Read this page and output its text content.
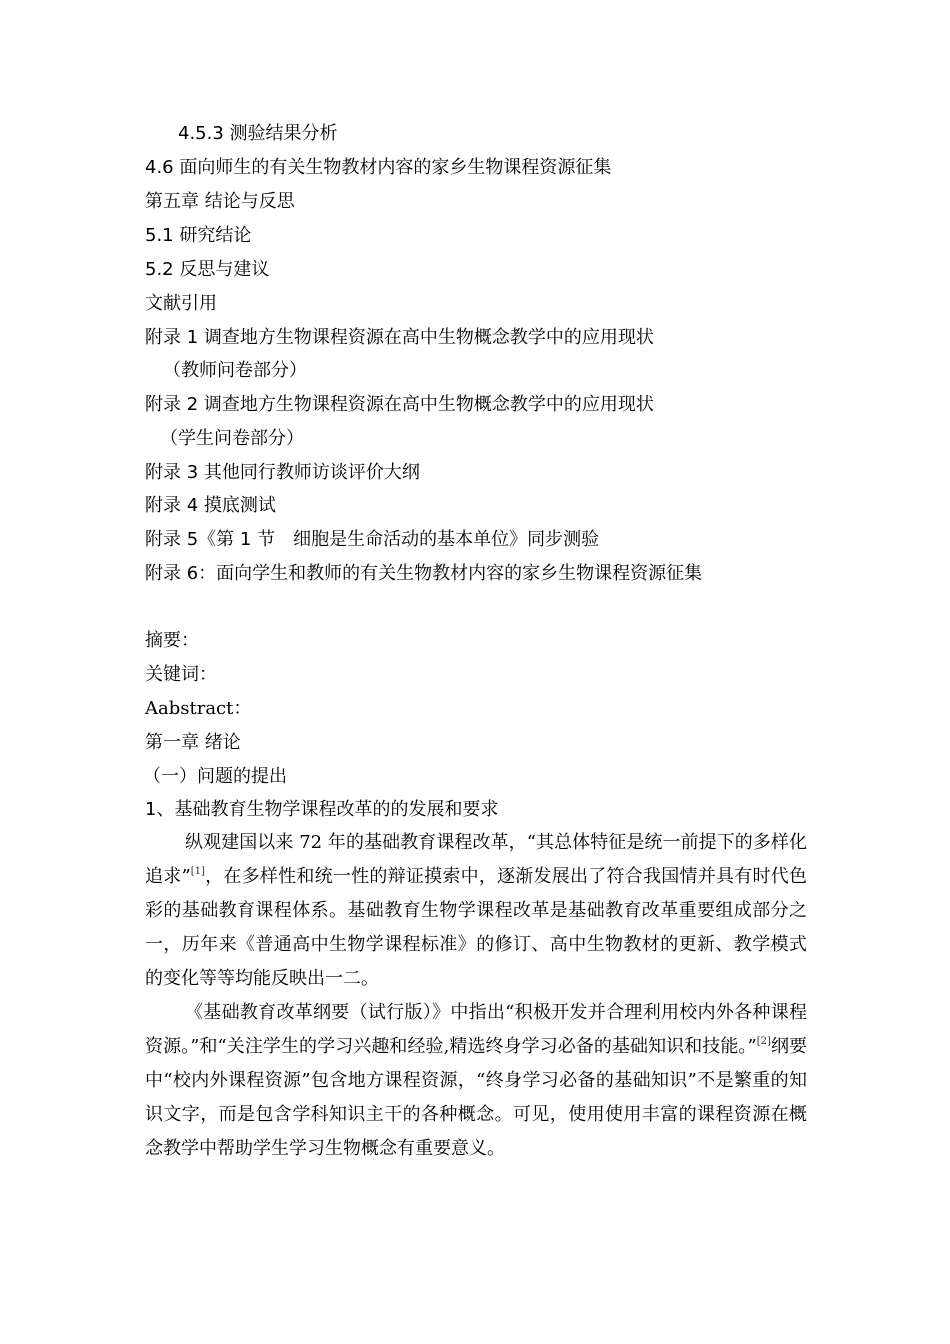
4.5.3 测验结果分析
4.6 面向师生的有关生物教材内容的家乡生物课程资源征集
第五章 结论与反思
5.1 研究结论
5.2 反思与建议
文献引用
附录 1 调查地方生物课程资源在高中生物概念教学中的应用现状
（教师问卷部分）
附录 2 调查地方生物课程资源在高中生物概念教学中的应用现状
（学生问卷部分）
附录 3 其他同行教师访谈评价大纲
附录 4 摸底测试
附录 5《第 1 节　细胞是生命活动的基本单位》同步测验
附录 6：面向学生和教师的有关生物教材内容的家乡生物课程资源征集
摘要：
关键词：
Aabstract：
第一章 绪论
（一）问题的提出
1、基础教育生物学课程改革的的发展和要求

纵观建国以来 72 年的基础教育课程改革，“其总体特征是统一前提下的多样化追求”[1]，在多样性和统一性的辩证摸索中，逐渐发展出了符合我国情并具有时代色彩的基础教育课程体系。基础教育生物学课程改革是基础教育改革重要组成部分之一，历年来《普通高中生物学课程标准》的修订、高中生物教材的更新、教学模式的变化等等均能反映出一二。

《基础教育改革纲要（试行版）》中指出“积极开发并合理利用校内外各种课程资源。”和“关注学生的学习兴趣和经验,精选终身学习必备的基础知识和技能。”[2]纲要中“校内外课程资源”包含地方课程资源，“终身学习必备的基础知识”不是繁重的知识文字，而是包含学科知识主干的各种概念。可见，使用使用丰富的课程资源在概念教学中帮助学生学习生物概念有重要意义。
